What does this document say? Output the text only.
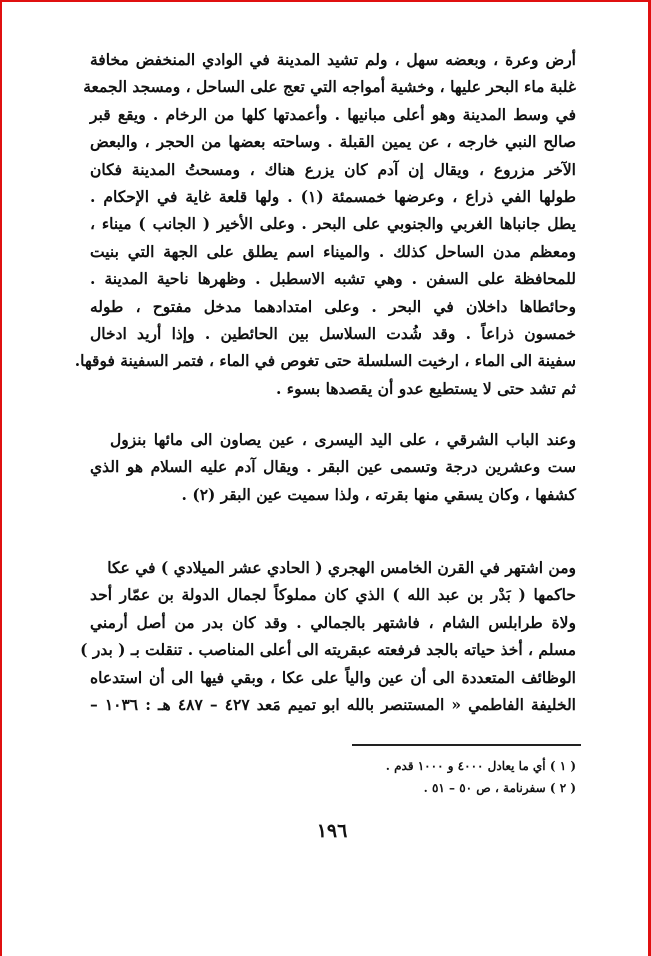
أرض وعرة ، وبعضه سهل ، ولم تشيد المدينة في الوادي المنخفض مخافة
غلبة ماء البحر عليها ، وخشية أمواجه التي تعج على الساحل ، ومسجد الجمعة
في وسط المدينة وهو أعلى مبانيها . وأعمدتها كلها من الرخام . ويقع قبر
صالح النبي خارجه ، عن يمين القبلة . وساحته بعضها من الحجر ، والبعض
الآخر مزروع ، ويقال إن آدم كان يزرع هناك ، ومسحتُ المدينة فكان
طولها الفي ذراع ، وعرضها خمسمئة (١) . ولها قلعة غاية في الإحكام .
يطل جانباها الغربي والجنوبي على البحر . وعلى الأخير ( الجانب ) ميناء ،
ومعظم مدن الساحل كذلك . والميناء اسم يطلق على الجهة التي بنيت
للمحافظة على السفن . وهي تشبه الاسطبل . وظهرها ناحية المدينة .
وحائطاها داخلان في البحر . وعلى امتدادهما مدخل مفتوح ، طوله
خمسون ذراعاً . وقد شُدت السلاسل بين الحائطين . وإذا أريد ادخال
سفينة الى الماء ، ارخيت السلسلة حتى تغوص في الماء ، فتمر السفينة فوقها.
ثم تشد حتى لا يستطيع عدو أن يقصدها بسوء .
وعند الباب الشرقي ، على اليد اليسرى ، عين يصاون الى مائها بنزول
ست وعشرين درجة وتسمى عين البقر . ويقال آدم عليه السلام هو الذي
كشفها ، وكان يسقي منها بقرته ، ولذا سميت عين البقر (٢) .
ومن اشتهر في القرن الخامس الهجري ( الحادي عشر الميلادي ) في عكا
حاكمها ( بَدْر بن عبد الله ) الذي كان مملوكاً لجمال الدولة بن عمّار أحد
ولاة طرابلس الشام ، فاشتهر بالجمالي . وقد كان بدر من أصل أرمني
مسلم ، أخذ حياته بالجد فرفعته عبقريته الى أعلى المناصب . تنقلت بـ ( بدر )
الوظائف المتعددة الى أن عين والياً على عكا ، وبقي فيها الى أن استدعاه
الخليفة الفاطمي « المستنصر بالله ابو تميم مَعد ٤٢٧ – ٤٨٧ هـ : ١٠٣٦ –
( ١ ) أي ما يعادل ٤٠٠٠ و ١٠٠٠ قدم .
( ٢ ) سفرنامة ، ص ٥٠ – ٥١ .
١٩٦
